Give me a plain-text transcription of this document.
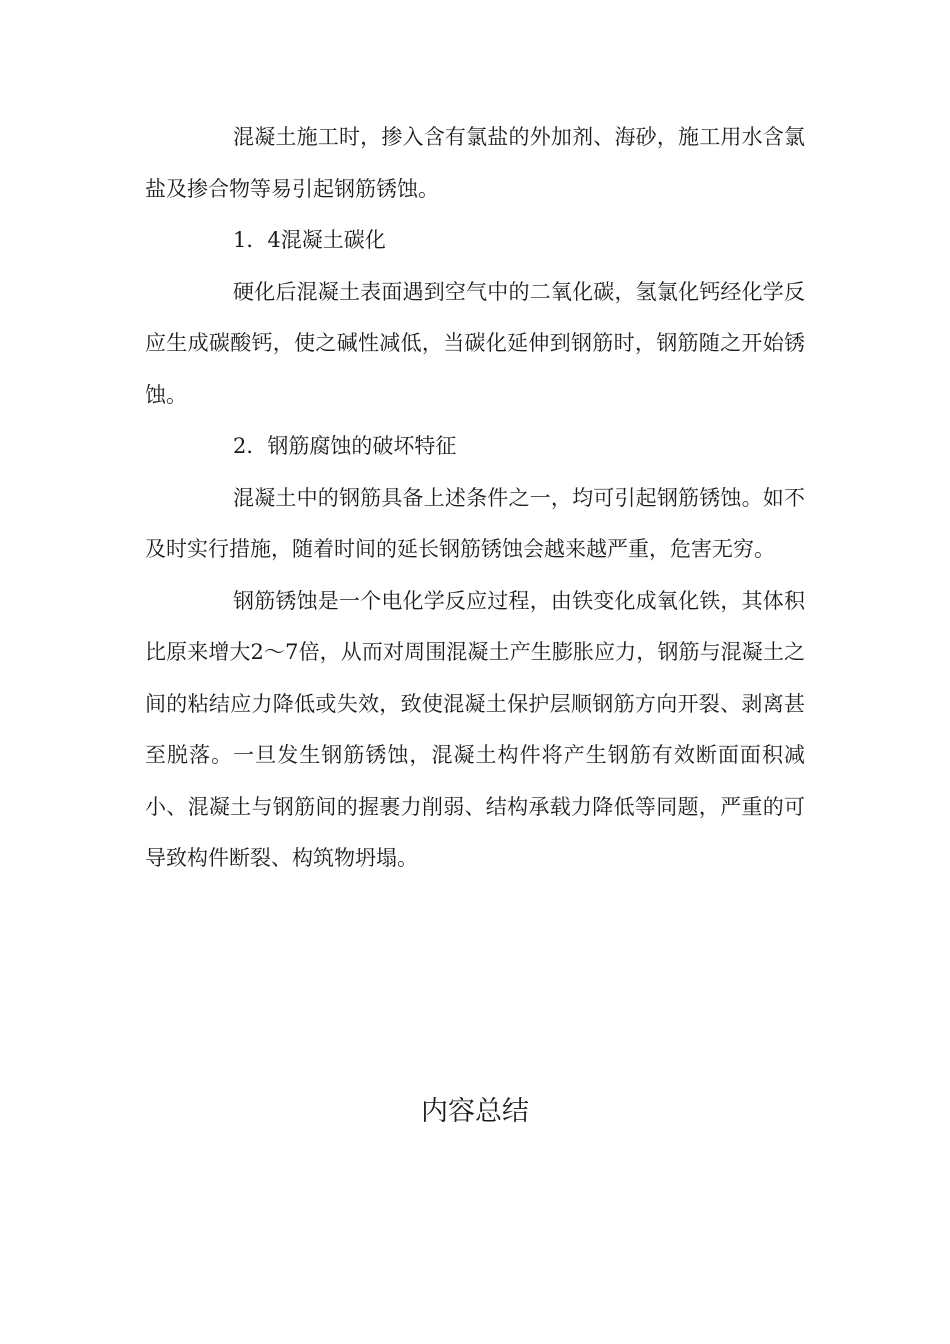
混凝土施工时，掺入含有氯盐的外加剂、海砂，施工用水含氯盐及掺合物等易引起钢筋锈蚀。

1．4混凝土碳化

硬化后混凝土表面遇到空气中的二氧化碳，氢氯化钙经化学反应生成碳酸钙，使之碱性减低，当碳化延伸到钢筋时，钢筋随之开始锈蚀。

2．钢筋腐蚀的破坏特征

混凝土中的钢筋具备上述条件之一，均可引起钢筋锈蚀。如不及时实行措施，随着时间的延长钢筋锈蚀会越来越严重，危害无穷。

钢筋锈蚀是一个电化学反应过程，由铁变化成氧化铁，其体积比原来增大2～7倍，从而对周围混凝土产生膨胀应力，钢筋与混凝土之间的粘结应力降低或失效，致使混凝土保护层顺钢筋方向开裂、剥离甚至脱落。一旦发生钢筋锈蚀，混凝土构件将产生钢筋有效断面面积减小、混凝土与钢筋间的握裹力削弱、结构承载力降低等同题，严重的可导致构件断裂、构筑物坍塌。

内容总结
